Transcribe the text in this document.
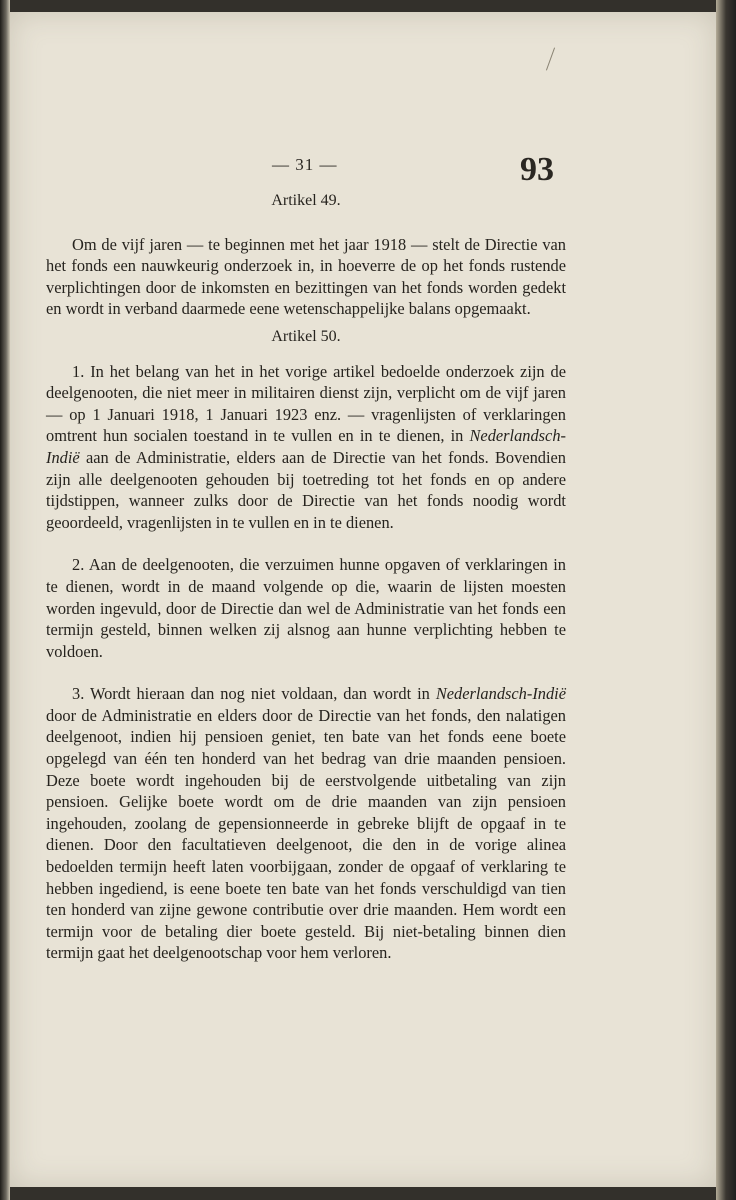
— 31 —	93
Artikel 49.

Om de vijf jaren — te beginnen met het jaar 1918 — stelt de Directie van het fonds een nauwkeurig onderzoek in, in hoeverre de op het fonds rustende verplichtingen door de inkomsten en bezittingen van het fonds worden gedekt en wordt in verband daarmede eene wetenschappelijke balans opgemaakt.

Artikel 50.

1. In het belang van het in het vorige artikel bedoelde onderzoek zijn de deelgenooten, die niet meer in militairen dienst zijn, verplicht om de vijf jaren — op 1 Januari 1918, 1 Januari 1923 enz. — vragenlijsten of verklaringen omtrent hun socialen toestand in te vullen en in te dienen, in Nederlandsch-Indië aan de Administratie, elders aan de Directie van het fonds. Bovendien zijn alle deelgenooten gehouden bij toetreding tot het fonds en op andere tijdstippen, wanneer zulks door de Directie van het fonds noodig wordt geoordeeld, vragenlijsten in te vullen en in te dienen.

2. Aan de deelgenooten, die verzuimen hunne opgaven of verklaringen in te dienen, wordt in de maand volgende op die, waarin de lijsten moesten worden ingevuld, door de Directie dan wel de Administratie van het fonds een termijn gesteld, binnen welken zij alsnog aan hunne verplichting hebben te voldoen.

3. Wordt hieraan dan nog niet voldaan, dan wordt in Nederlandsch-Indië door de Administratie en elders door de Directie van het fonds, den nalatigen deelgenoot, indien hij pensioen geniet, ten bate van het fonds eene boete opgelegd van één ten honderd van het bedrag van drie maanden pensioen. Deze boete wordt ingehouden bij de eerstvolgende uitbetaling van zijn pensioen. Gelijke boete wordt om de drie maanden van zijn pensioen ingehouden, zoolang de gepensionneerde in gebreke blijft de opgaaf in te dienen. Door den facultatieven deelgenoot, die den in de vorige alinea bedoelden termijn heeft laten voorbijgaan, zonder de opgaaf of verklaring te hebben ingediend, is eene boete ten bate van het fonds verschuldigd van tien ten honderd van zijne gewone contributie over drie maanden. Hem wordt een termijn voor de betaling dier boete gesteld. Bij niet-betaling binnen dien termijn gaat het deelgenootschap voor hem verloren.
